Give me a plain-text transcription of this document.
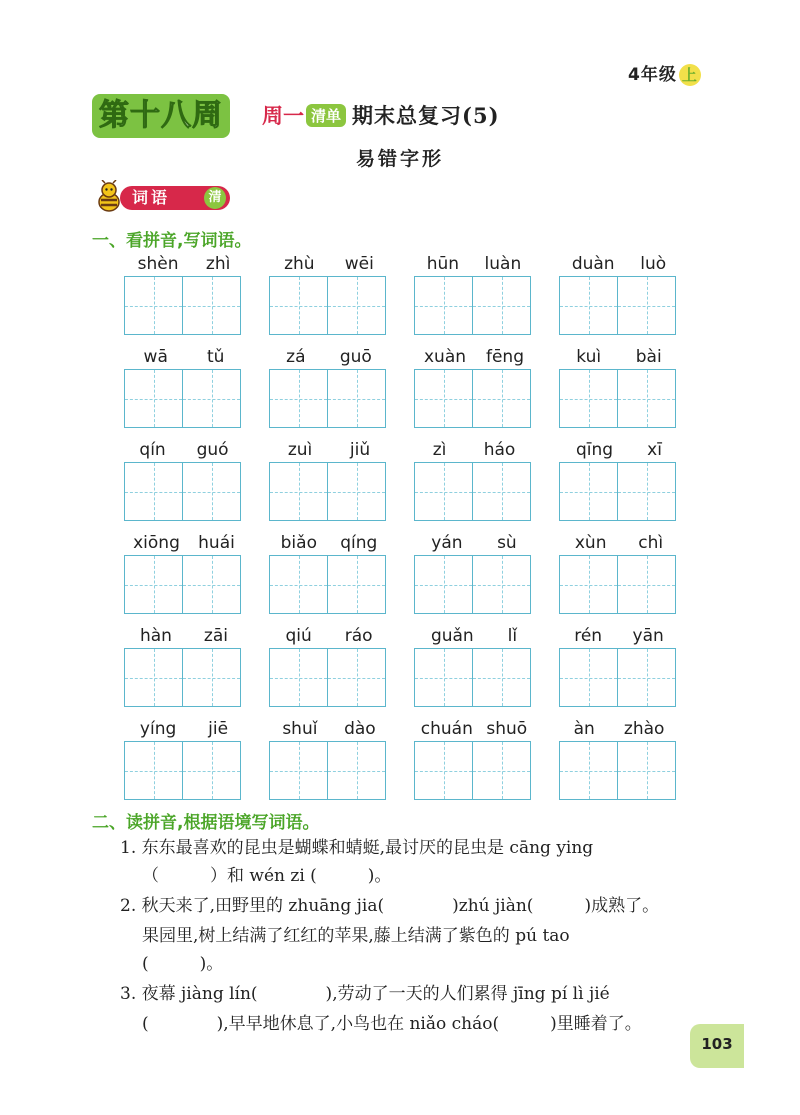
4年级 上
第十八周	周一 清单 期末总复习(5)
易错字形
词语	清
一、看拼音,写词语。
shèn zhì	zhù wēi	hūn luàn	duàn luò
wā tǔ	zá guō	xuàn fēng	kuì bài
qín guó	zuì jiǔ	zì háo	qīng xī
xiōng huái	biǎo qíng	yán sù	xùn chì
hàn zāi	qiú ráo	guǎn lǐ	rén yān
yíng jiē	shuǐ dào	chuán shuō	àn zhào
二、读拼音,根据语境写词语。
1. 东东最喜欢的昆虫是蝴蝶和蜻蜓,最讨厌的昆虫是 cāng ying
（　　　）和 wén zi (　　　)。
2. 秋天来了,田野里的 zhuāng jia(　　　　)zhú jiàn(　　　)成熟了。
果园里,树上结满了红红的苹果,藤上结满了紫色的 pú tao
(　　　)。
3. 夜幕 jiàng lín(　　　　),劳动了一天的人们累得 jīng pí lì jié
(　　　　),早早地休息了,小鸟也在 niǎo cháo(　　　)里睡着了。
103
